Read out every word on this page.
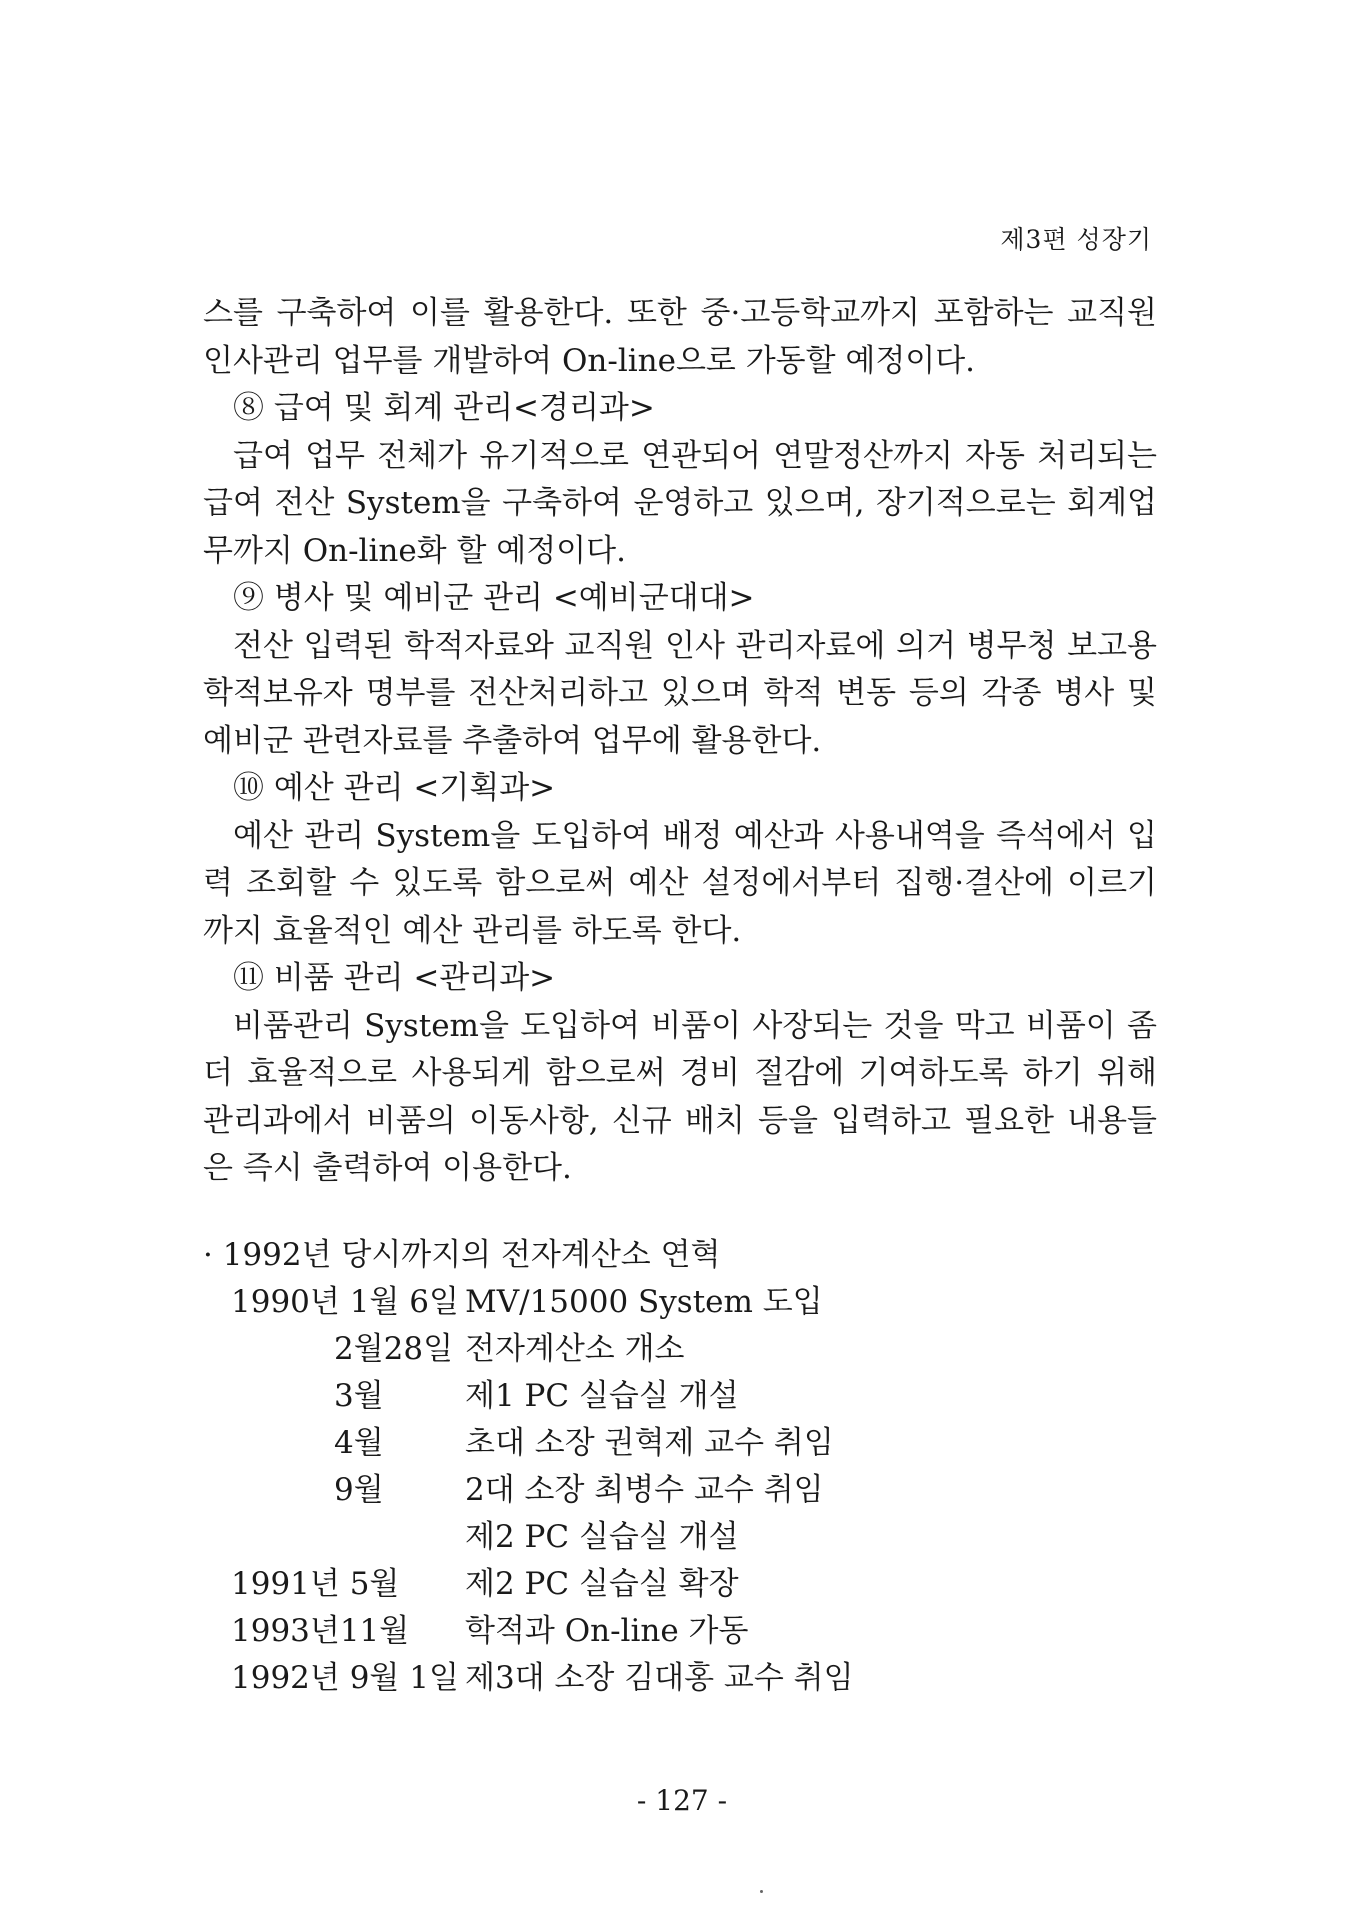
제3편 성장기

스를 구축하여 이를 활용한다. 또한 중·고등학교까지 포함하는 교직원 인사관리 업무를 개발하여 On-line으로 가동할 예정이다.

⑧ 급여 및 회계 관리<경리과>

급여 업무 전체가 유기적으로 연관되어 연말정산까지 자동 처리되는 급여 전산 System을 구축하여 운영하고 있으며, 장기적으로는 회계업무까지 On-line화 할 예정이다.

⑨ 병사 및 예비군 관리 <예비군대대>

전산 입력된 학적자료와 교직원 인사 관리자료에 의거 병무청 보고용 학적보유자 명부를 전산처리하고 있으며 학적 변동 등의 각종 병사 및 예비군 관련자료를 추출하여 업무에 활용한다.

⑩ 예산 관리 <기획과>

예산 관리 System을 도입하여 배정 예산과 사용내역을 즉석에서 입력 조회할 수 있도록 함으로써 예산 설정에서부터 집행·결산에 이르기까지 효율적인 예산 관리를 하도록 한다.

⑪ 비품 관리 <관리과>

비품관리 System을 도입하여 비품이 사장되는 것을 막고 비품이 좀 더 효율적으로 사용되게 함으로써 경비 절감에 기여하도록 하기 위해 관리과에서 비품의 이동사항, 신규 배치 등을 입력하고 필요한 내용들은 즉시 출력하여 이용한다.

· 1992년 당시까지의 전자계산소 연혁

1990년 1월 6일 MV/15000 System 도입
2월28일 전자계산소 개소
3월	제1 PC 실습실 개설
4월	초대 소장 권혁제 교수 취임
9월	2대 소장 최병수 교수 취임
제2 PC 실습실 개설
1991년 5월	제2 PC 실습실 확장
1993년11월	학적과 On-line 가동
1992년 9월 1일 제3대 소장 김대홍 교수 취임
- 127 -
